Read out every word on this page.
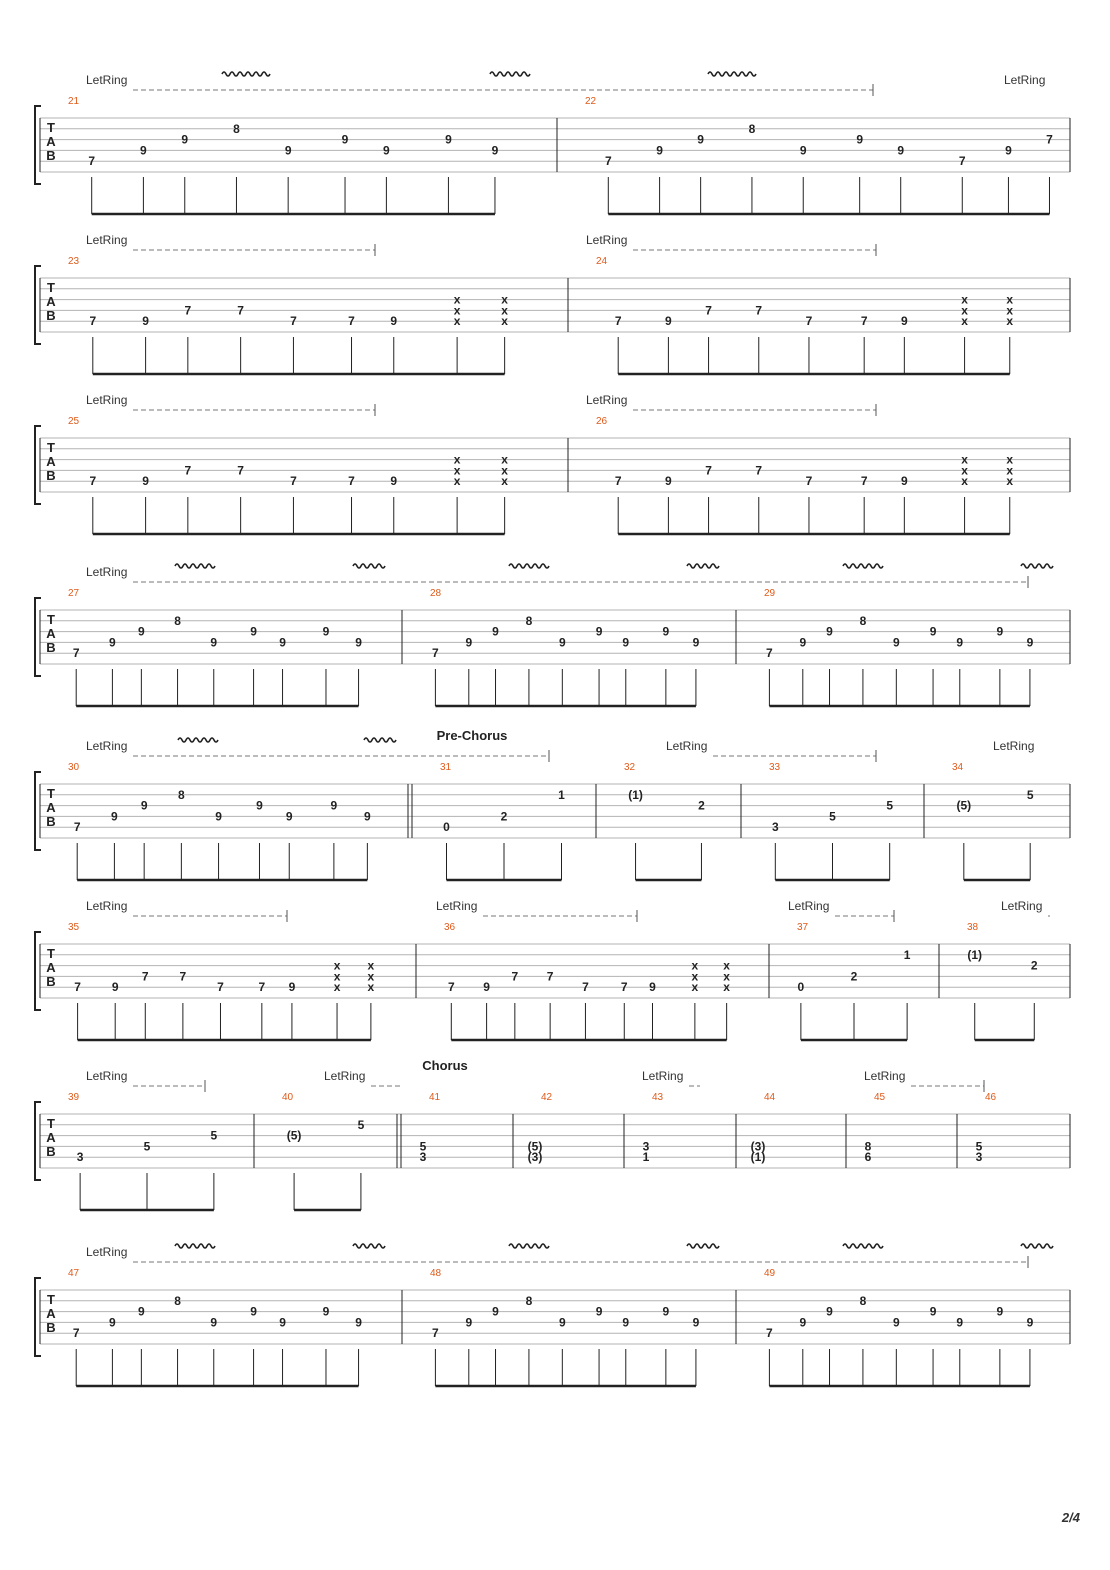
T
A
B
LetRing	LetRing
21
7
9
9
8
9
9
9
9
9
22
7
9
9
8
9
9
9
7
9
7
T
A
B
LetRing	LetRing
23
7	9
7	7
7	7	9
x
x
x
x
x
x
24
7	9
7	7
7	7	9
x
x
x
x
x
x
T
A
B
LetRing	LetRing
25
7	9
7	7
7	7	9
x
x
x
x
x
x
26
7	9
7	7
7	7	9
x
x
x
x
x
x
T
A
B
LetRing
27
7
9
9
8
9
9
9
9
9
28
7
9
9
8
9
9
9
9
9
29
7
9
9
8
9
9
9
9
9
T
A
B
LetRing	LetRing	LetRing
Pre-Chorus
30
7
9
9
8
9
9
9
9
9
31
0
2
1
32
(1)
2
33
3
5
5
34
(5)
5
T
A
B
LetRing	LetRing	LetRing	LetRing
35
7	9
7	7
7	7 9
x
x
x
x
x
x
36
7 9
7 7
7	7 9
x
x
x
x
x
x
37
0
2
1
38
(1)
2
T
A
B
LetRing	LetRing	LetRing	LetRing
Chorus
39
3
5
5
40
(5)
5
41
5
3
42
(5)
(3)
43
3
1
44
(3)
(1)
45
8
6
46
5
3
T
A
B
LetRing
47
7
9
9
8
9
9
9
9
9
48
7
9
9
8
9
9
9
9
9
49
7
9
9
8
9
9
9
9
9
2/4
